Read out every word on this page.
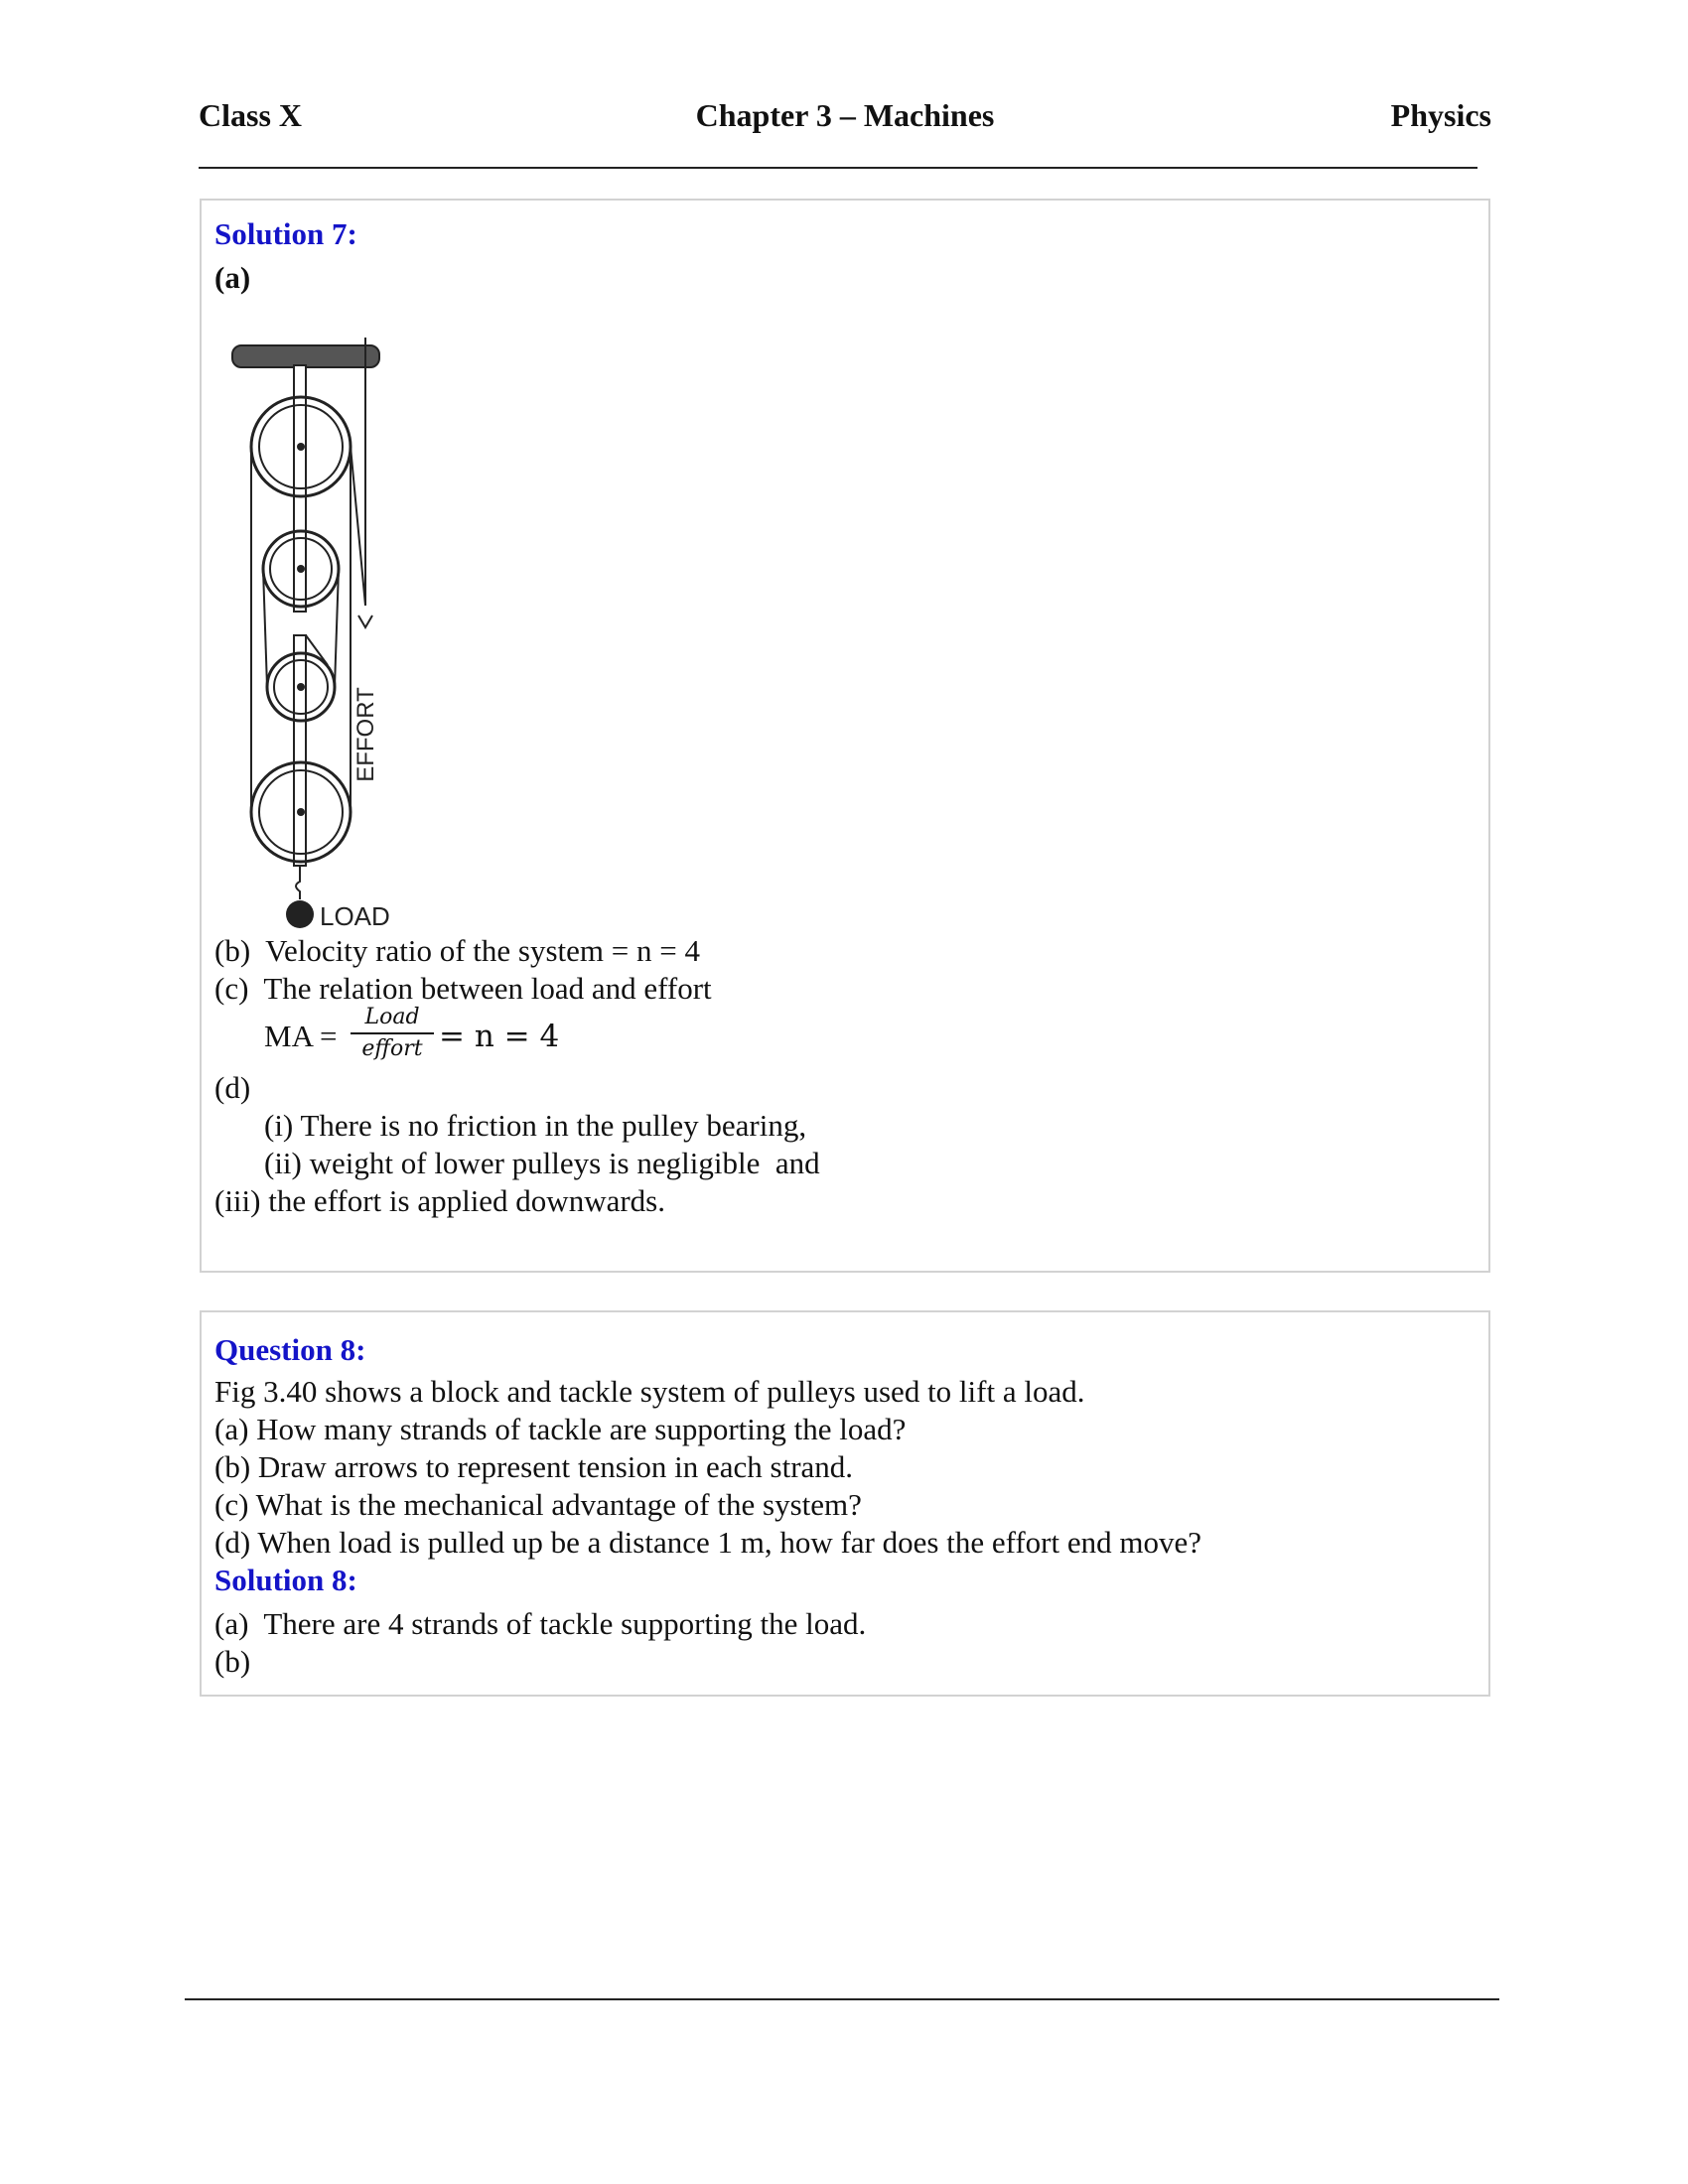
Class X	Chapter 3 – Machines	Physics
Solution 7:
(a)
EFFORT
LOAD
(b)  Velocity ratio of the system = n = 4
(c)  The relation between load and effort
MA =
Load
effort = n = 4
(d)
(i) There is no friction in the pulley bearing,
(ii) weight of lower pulleys is negligible  and
(iii) the effort is applied downwards.
Question 8:
Fig 3.40 shows a block and tackle system of pulleys used to lift a load.
(a) How many strands of tackle are supporting the load?
(b) Draw arrows to represent tension in each strand.
(c) What is the mechanical advantage of the system?
(d) When load is pulled up be a distance 1 m, how far does the effort end move?
Solution 8:
(a)  There are 4 strands of tackle supporting the load.
(b)
